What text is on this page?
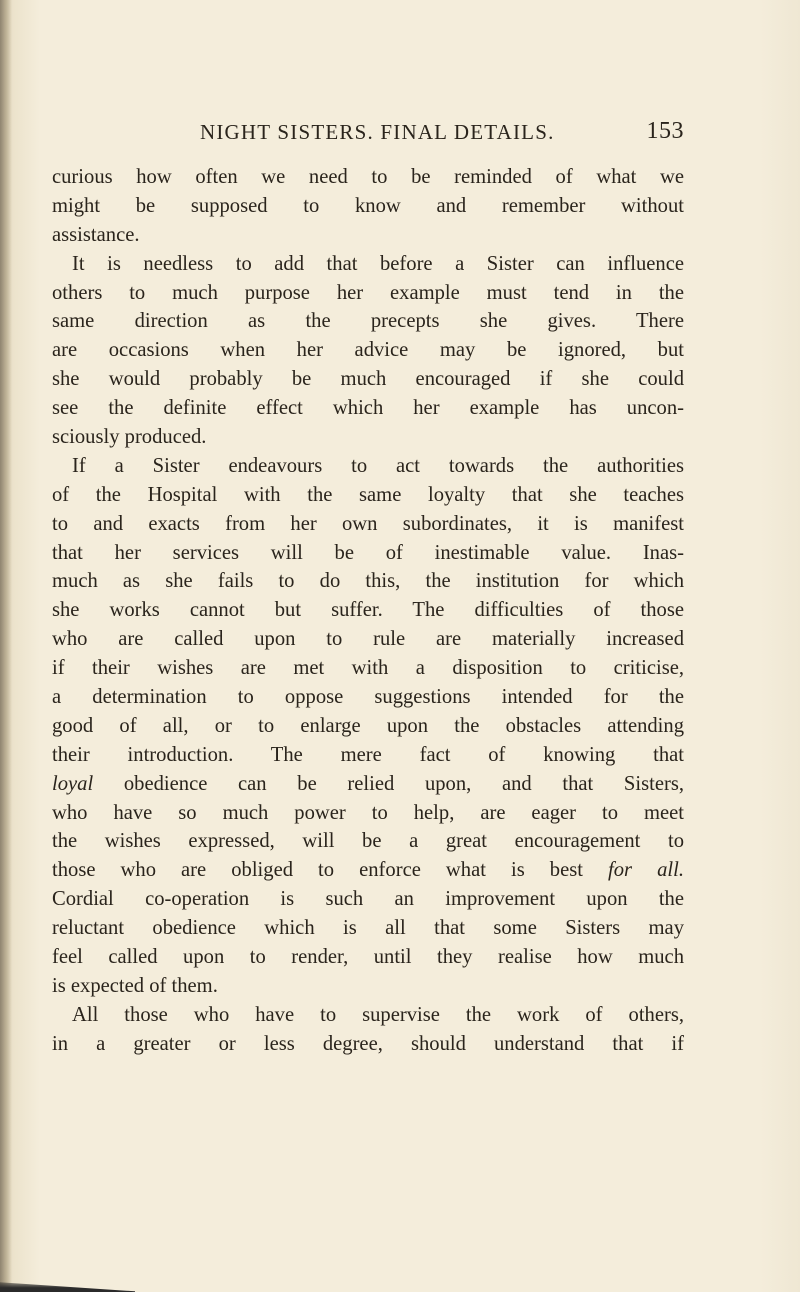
NIGHT SISTERS. FINAL DETAILS.	153
curious how often we need to be reminded of what we
might be supposed to know and remember without
assistance.
It is needless to add that before a Sister can influence
others to much purpose her example must tend in the
same direction as the precepts she gives. There
are occasions when her advice may be ignored, but
she would probably be much encouraged if she could
see the definite effect which her example has uncon-
sciously produced.
If a Sister endeavours to act towards the authorities
of the Hospital with the same loyalty that she teaches
to and exacts from her own subordinates, it is manifest
that her services will be of inestimable value. Inas-
much as she fails to do this, the institution for which
she works cannot but suffer. The difficulties of those
who are called upon to rule are materially increased
if their wishes are met with a disposition to criticise,
a determination to oppose suggestions intended for the
good of all, or to enlarge upon the obstacles attending
their introduction. The mere fact of knowing that
loyal obedience can be relied upon, and that Sisters,
who have so much power to help, are eager to meet
the wishes expressed, will be a great encouragement to
those who are obliged to enforce what is best for all.
Cordial co-operation is such an improvement upon the
reluctant obedience which is all that some Sisters may
feel called upon to render, until they realise how much
is expected of them.
All those who have to supervise the work of others,
in a greater or less degree, should understand that if
